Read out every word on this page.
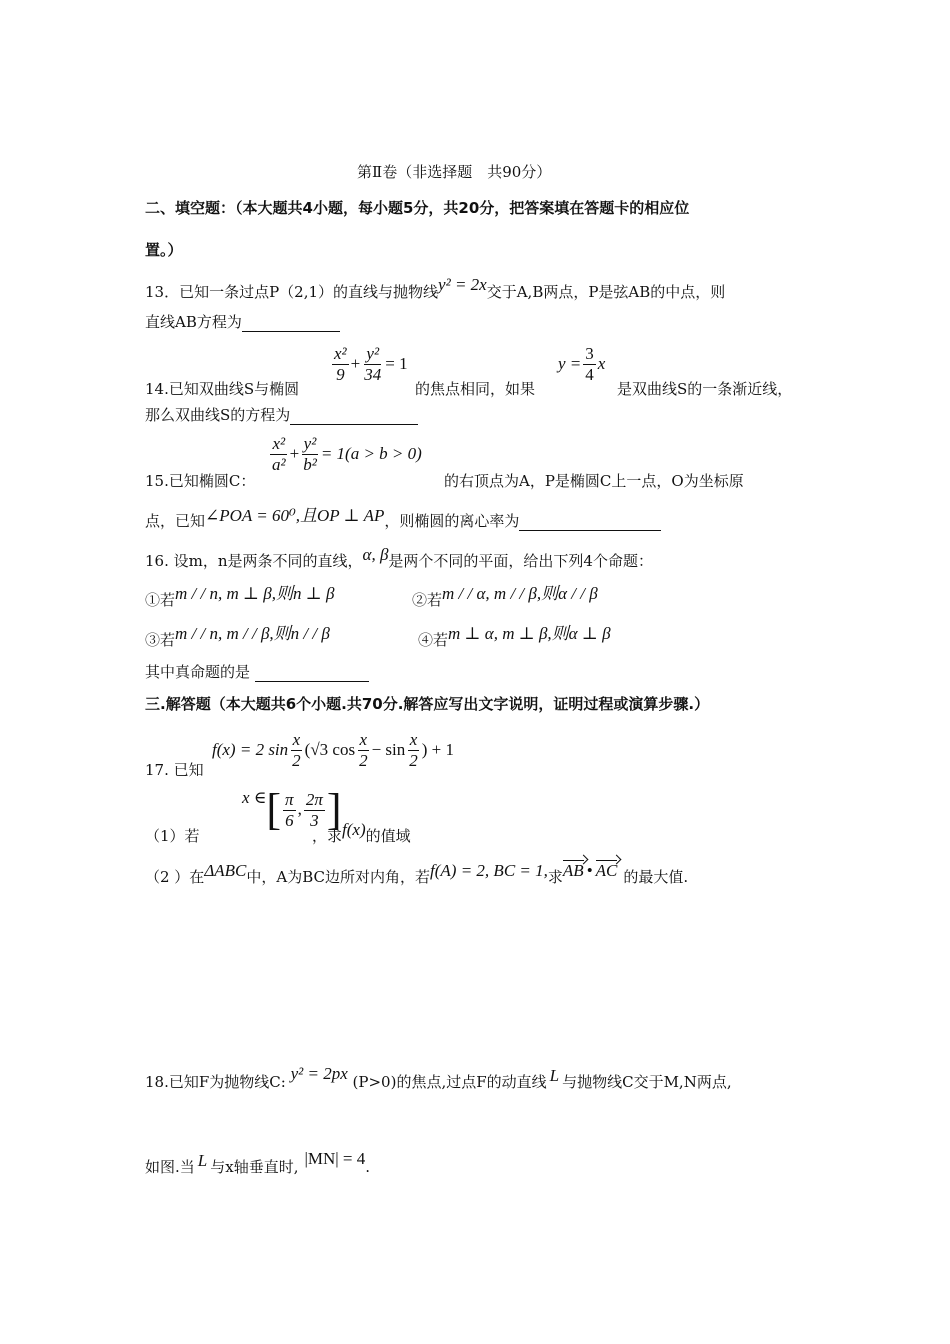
第Ⅱ卷（非选择题　共90分）
二、填空题：（本大题共4小题，每小题5分，共20分，把答案填在答题卡的相应位
置。）
13．已知一条过点P（2,1）的直线与抛物线y² = 2x交于A,B两点，P是弦AB的中点，则
直线AB方程为
$\frac{\text{x²}}{9} + \frac{\text{y²}}{34} = 1$	$y = \frac{3}{4}$ x
14.已知双曲线S与椭圆	的焦点相同，如果	是双曲线S的一条渐近线，
那么双曲线S的方程为
$\frac{\text{x²}}{\text{a²}} + \frac{\text{y²}}{\text{b²}} = 1(a > b > 0)$
15.已知椭圆C：	的右顶点为A，P是椭圆C上一点，O为坐标原
点，已知∠POA = 60⁰,且OP ⊥ AP，则椭圆的离心率为
16. 设m，n是两条不同的直线，α, β是两个不同的平面，给出下列4个命题：
①若m / / n, m ⊥ β,则n ⊥ β	②若m / / α, m / / β,则α / / β
③若m / / n, m / / β,则n / / β	④若m ⊥ α, m ⊥ β,则α ⊥ β
其中真命题的是
三.解答题（本大题共6个小题.共70分.解答应写出文字说明，证明过程或演算步骤.）
f(x) = 2 $\sin \frac{x}{2} (√3$ $\cos \frac{x}{2} - \sin \frac{x}{2}$ ) + 1
17. 已知
x ∈[ $\frac{\pi}{6}$ , $\frac{2\pi}{3}$ ]
（1）若	，求f(x)的值域
（2 ）在ΔABC中，A为BC边所对内角，若f(A) = 2, BC = 1,求AB • AC 的最大值.
18.已知F为抛物线C: y² = 2px (P>0)的焦点,过点F的动直线 L 与抛物线C交于M,N两点,
如图.当 L 与x轴垂直时, |MN| = 4.
